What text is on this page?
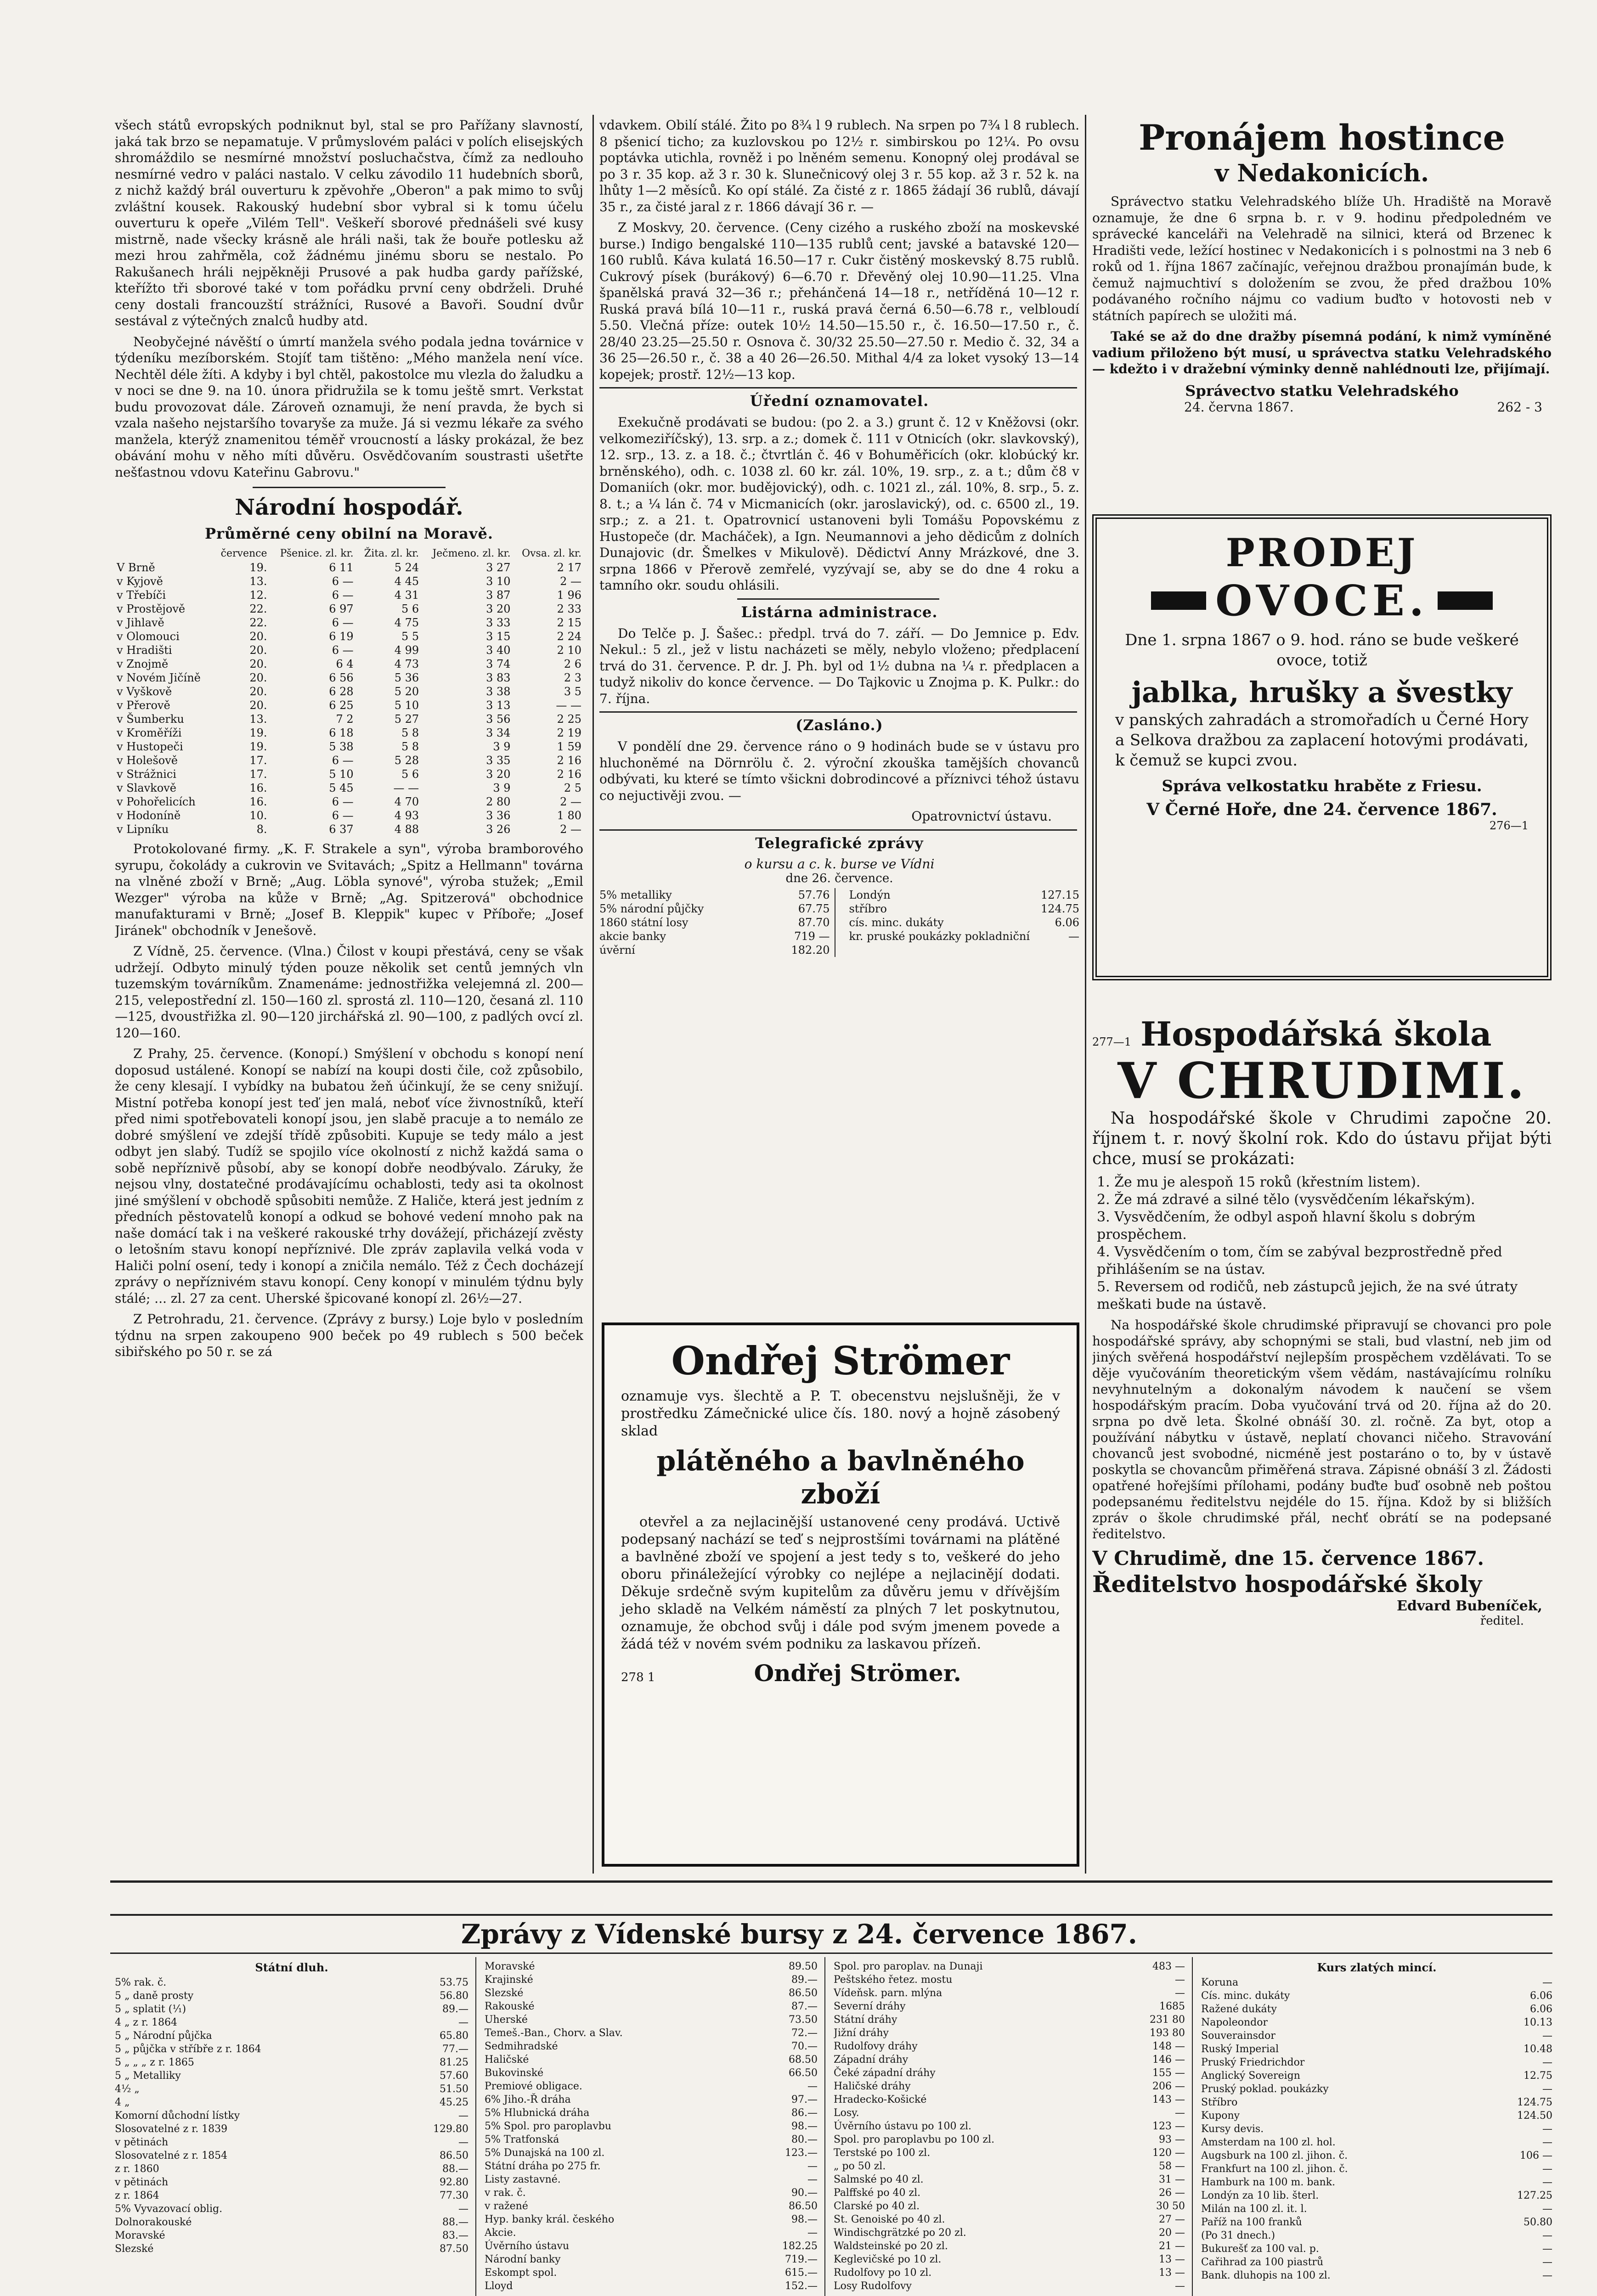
všech států evropských podniknut byl, stal se pro Pařížany slavností, jaká tak brzo se nepamatuje. V průmyslovém paláci v polích elisejských shromáždilo se nesmírné množství posluchačstva, čímž za nedlouho nesmírné vedro v paláci nastalo. V celku závodilo 11 hudebních sborů, z nichž každý brál ouverturu k zpěvohře „Oberon" a pak mimo to svůj zvláštní kousek. Rakouský hudební sbor vybral si k tomu účelu ouverturu k opeře „Vilém Tell". Veškeří sborové přednášeli své kusy mistrně, nade všecky krásně ale hráli naši, tak že bouře potlesku až mezi hrou zahřměla, což žádnému jinému sboru se nestalo. Po Rakušanech hráli nejpěkněji Prusové a pak hudba gardy pařížské, kteřížto tři sborové také v tom pořádku první ceny obdrželi. Druhé ceny dostali francouzští strážníci, Rusové a Bavoři. Soudní dvůr sestával z výtečných znalců hudby atd.

Neobyčejné návěští o úmrtí manžela svého podala jedna továrnice v týdeníku mezíborském. Stojíť tam tištěno: „Mého manžela není více. Nechtěl déle žíti. A kdyby i byl chtěl, pakostolce mu vlezla do žaludku a v noci se dne 9. na 10. února přidružila se k tomu ještě smrt. Verkstat budu provozovat dále. Zároveň oznamuji, že není pravda, že bych si vzala našeho nejstaršího tovaryše za muže. Já si vezmu lékaře za svého manžela, kterýž znamenitou téměř vroucností a lásky prokázal, že bez obávání mohu v něho míti důvěru. Osvědčovaním soustrasti ušetřte nešťastnou vdovu Kateřinu Gabrovu."

Národní hospodář.
Průměrné ceny obilní na Moravě.
	července	Pšenice. zl. kr.	Žita. zl. kr.	Ječmeno. zl. kr.	Ovsa. zl. kr.
V Brně	19.	6 11	5 24	3 27	2 17
v Kyjově	13.	6 —	4 45	3 10	2 —
v Třebíči	12.	6 —	4 31	3 87	1 96
v Prostějově	22.	6 97	5 6	3 20	2 33
v Jihlavě	22.	6 —	4 75	3 33	2 15
v Olomouci	20.	6 19	5 5	3 15	2 24
v Hradišti	20.	6 —	4 99	3 40	2 10
v Znojmě	20.	6 4	4 73	3 74	2 6
v Novém Jičíně	20.	6 56	5 36	3 83	2 3
v Vyškově	20.	6 28	5 20	3 38	3 5
v Přerově	20.	6 25	5 10	3 13	— —
v Šumberku	13.	7 2	5 27	3 56	2 25
v Kroměříži	19.	6 18	5 8	3 34	2 19
v Hustopeči	19.	5 38	5 8	3 9	1 59
v Holešově	17.	6 —	5 28	3 35	2 16
v Strážnici	17.	5 10	5 6	3 20	2 16
v Slavkově	16.	5 45	— —	3 9	2 5
v Pohořelicích	16.	6 —	4 70	2 80	2 —
v Hodoníně	10.	6 —	4 93	3 36	1 80
v Lipníku	8.	6 37	4 88	3 26	2 —

Protokolované firmy. „K. F. Strakele a syn", výroba bramborového syrupu, čokolády a cukrovin ve Svitavách; „Spitz a Hellmann" továrna na vlněné zboží v Brně; „Aug. Löbla synové", výroba stužek; „Emil Wezger" výroba na kůže v Brně; „Ag. Spitzerová" obchodnice manufakturami v Brně; „Josef B. Kleppik" kupec v Příboře; „Josef Jiránek" obchodník v Jenešově.

Z Vídně, 25. července. (Vlna.) Čilost v koupi přestává, ceny se však udržejí. Odbyto minulý týden pouze několik set centů jemných vln tuzemským továrníkům. Znamenáme: jednostřižka velejemná zl. 200—215, velepostřední zl. 150—160 zl. sprostá zl. 110—120, česaná zl. 110—125, dvoustřižka zl. 90—120 jirchářská zl. 90—100, z padlých ovcí zl. 120—160.

Z Prahy, 25. července. (Konopí.) Smýšlení v obchodu s konopí není doposud ustálené. Konopí se nabízí na koupi dosti čile, což způsobilo, že ceny klesají. I vybídky na bubatou žeň účinkují, že se ceny snižují. Mistní potřeba konopí jest teď jen malá, neboť více živnostníků, kteří před nimi spotřebovateli konopí jsou, jen slabě pracuje a to nemálo ze dobré smýšlení ve zdejší třídě způsobiti. Kupuje se tedy málo a jest odbyt jen slabý. Tudíž se spojilo více okolností z nichž každá sama o sobě nepříznivě působí, aby se konopí dobře neodbývalo. Záruky, že nejsou vlny, dostatečné prodávajícímu ochablosti, tedy asi ta okolnost jiné smýšlení v obchodě spůsobiti nemůže. Z Haliče, která jest jedním z předních pěstovatelů konopí a odkud se bohové vedení mnoho pak na naše domácí tak i na veškeré rakouské trhy dovážejí, přicházejí zvěsty o letošním stavu konopí nepříznivé. Dle zpráv zaplavila velká voda v Haliči polní osení, tedy i konopí a zničila nemálo. Též z Čech docházejí zprávy o nepříznivém stavu konopí. Ceny konopí v minulém týdnu byly stálé; ... zl. 27 za cent. Uherské špicované konopí zl. 26½—27.

Z Petrohradu, 21. července. (Zprávy z bursy.) Loje bylo v posledním týdnu na srpen zakoupeno 900 beček po 49 rublech s 500 beček sibiřského po 50 r. se zá

vdavkem. Obilí stálé. Žito po 8¾ l 9 rublech. Na srpen po 7¾ l 8 rublech. 8 pšenicí ticho; za kuzlovskou po 12½ r. simbirskou po 12¼. Po ovsu poptávka utichla, rovněž i po lněném semenu. Konopný olej prodával se po 3 r. 35 kop. až 3 r. 30 k. Slunečnicový olej 3 r. 55 kop. až 3 r. 52 k. na lhůty 1—2 měsíců. Ko opí stálé. Za čisté z r. 1865 žádají 36 rublů, dávají 35 r., za čisté jaral z r. 1866 dávají 36 r. —

Z Moskvy, 20. července. (Ceny cizého a ruského zboží na moskevské burse.) Indigo bengalské 110—135 rublů cent; javské a batavské 120—160 rublů. Káva kulatá 16.50—17 r. Cukr čistěný moskevský 8.75 rublů. Cukrový písek (burákový) 6—6.70 r. Dřevěný olej 10.90—11.25. Vlna španělská pravá 32—36 r.; přehánčená 14—18 r., netříděná 10—12 r. Ruská pravá bílá 10—11 r., ruská pravá černá 6.50—6.78 r., velbloudí 5.50. Vlečná příze: outek 10½ 14.50—15.50 r., č. 16.50—17.50 r., č. 28/40 23.25—25.50 r. Osnova č. 30/32 25.50—27.50 r. Medio č. 32, 34 a 36 25—26.50 r., č. 38 a 40 26—26.50. Mithal 4/4 za loket vysoký 13—14 kopejek; prostř. 12½—13 kop.

Úřední oznamovatel.

Exekučně prodávati se budou: (po 2. a 3.) grunt č. 12 v Kněžovsi (okr. velkomeziříčský), 13. srp. a z.; domek č. 111 v Otnicích (okr. slavkovský), 12. srp., 13. z. a 18. č.; čtvrtlán č. 46 v Bohuměřicích (okr. klobúcký kr. brněnského), odh. c. 1038 zl. 60 kr. zál. 10%, 19. srp., z. a t.; dům č8 v Domaniích (okr. mor. budějovický), odh. c. 1021 zl., zál. 10%, 8. srp., 5. z. 8. t.; a ¼ lán č. 74 v Micmanicích (okr. jaroslavický), od. c. 6500 zl., 19. srp.; z. a 21. t. Opatrovnicí ustanoveni byli Tomášu Popovskému z Hustopeče (dr. Macháček), a Ign. Neumannovi a jeho dědicům z dolních Dunajovic (dr. Šmelkes v Mikulově). Dědictví Anny Mrázkové, dne 3. srpna 1866 v Přerově zemřelé, vyzývají se, aby se do dne 4 roku a tamního okr. soudu ohlásili.

Listárna administrace.

Do Telče p. J. Šašec.: předpl. trvá do 7. září. — Do Jemnice p. Edv. Nekul.: 5 zl., jež v listu nacházeti se měly, nebylo vloženo; předplacení trvá do 31. července. P. dr. J. Ph. byl od 1½ dubna na ¼ r. předplacen a tudyž nikoliv do konce července. — Do Tajkovic u Znojma p. K. Pulkr.: do 7. října.

(Zasláno.)

V pondělí dne 29. července ráno o 9 hodinách bude se v ústavu pro hluchoněmé na Dörnrölu č. 2. výroční zkouška tamějších chovanců odbývati, ku které se tímto všickni dobrodincové a příznivci téhož ústavu co nejuctivěji zvou. —

Opatrovnictví ústavu.

Telegrafické zprávy
o kursu a c. k. burse ve Vídni
dne 26. července.
5% metalliky	57.76
5% národní půjčky	67.75
1860 státní losy	87.70
akcie banky	719 —
úvěrní	182.20
Londýn	127.15
stříbro	124.75
cís. minc. dukáty	6.06
kr. pruské poukázky pokladniční	—
Ondřej Strömer

oznamuje vys. šlechtě a P. T. obecenstvu nejslušněji, že v prostředku Zámečnické ulice čís. 180. nový a hojně zásobený sklad

plátěného a bavlněného zboží

otevřel a za nejlacinější ustanovené ceny prodává. Uctivě podepsaný nachází se teď s nejprostšími továrnami na plátěné a bavlněné zboží ve spojení a jest tedy s to, veškeré do jeho oboru přináležející výrobky co nejlépe a nejlacinějí dodati. Děkuje srdečně svým kupitelům za důvěru jemu v dřívějším jeho skladě na Velkém náměstí za plných 7 let poskytnutou, oznamuje, že obchod svůj i dále pod svým jmenem povede a žádá též v novém svém podniku za laskavou přízeň.

278 1	Ondřej Strömer.
Pronájem hostince
v Nedakonicích.

Správectvo statku Velehradského blíže Uh. Hradiště na Moravě oznamuje, že dne 6 srpna b. r. v 9. hodinu předpoledném ve správecké kanceláři na Velehradě na silnici, která od Brzenec k Hradišti vede, ležící hostinec v Nedakonicích i s polnostmi na 3 neb 6 roků od 1. října 1867 začínajíc, veřejnou dražbou pronajímán bude, k čemuž najmuchtiví s doložením se zvou, že před dražbou 10% podávaného ročního nájmu co vadium buďto v hotovosti neb v státních papírech se uložiti má.

Také se až do dne dražby písemná podání, k nimž vymíněné vadium přiloženo být musí, u správectva statku Velehradského — kdežto i v dražební výminky denně nahlédnouti lze, přijímají.

Správectvo statku Velehradského
24. června 1867.	262 - 3
PRODEJ
OVOCE.

Dne 1. srpna 1867 o 9. hod. ráno se bude veškeré ovoce, totiž

jablka, hrušky a švestky

v panských zahradách a stromořadích u Černé Hory a Selkova dražbou za zaplacení hotovými prodávati, k čemuž se kupci zvou.

Správa velkostatku hraběte z Friesu.
V Černé Hoře, dne 24. července 1867.
276—1
277—1 Hospodářská škola
V CHRUDIMI.

Na hospodářské škole v Chrudimi započne 20. říjnem t. r. nový školní rok. Kdo do ústavu přijat býti chce, musí se prokázati:

1. Že mu je alespoň 15 roků (křestním listem).
2. Že má zdravé a silné tělo (vysvědčením lékařským).
3. Vysvědčením, že odbyl aspoň hlavní školu s dobrým prospěchem.
4. Vysvědčením o tom, čím se zabýval bezprostředně před přihlášením se na ústav.
5. Reversem od rodičů, neb zástupců jejich, že na své útraty meškati bude na ústavě.

Na hospodářské škole chrudimské připravují se chovanci pro pole hospodářské správy, aby schopnými se stali, bud vlastní, neb jim od jiných svěřená hospodářství nejlepším prospěchem vzdělávati. To se děje vyučováním theoretickým všem vědám, nastávajícímu rolníku nevyhnutelným a dokonalým návodem k naučení se všem hospodářským pracím. Doba vyučování trvá od 20. října až do 20. srpna po dvě leta. Školné obnáší 30. zl. ročně. Za byt, otop a používání nábytku v ústavě, neplatí chovanci ničeho. Stravování chovanců jest svobodné, nicméně jest postaráno o to, by v ústavě poskytla se chovancům přiměřená strava. Zápisné obnáší 3 zl. Žádosti opatřené hořejšími přílohami, podány buďte buď osobně neb poštou podepsanému ředitelstvu nejdéle do 15. října. Kdož by si bližších zpráv o škole chrudimské přál, nechť obrátí se na podepsané ředitelstvo.

V Chrudimě, dne 15. července 1867.
Ředitelstvo hospodářské školy
Edvard Bubeníček,
ředitel.
Zprávy z Vídenské bursy z 24. července 1867.
Státní dluh.
5% rak. č.	53.75
5 „ daně prosty	56.80
5 „ splatit (⅟₁)	89.—
4 „ z r. 1864	—
5 „ Národní půjčka	65.80
5 „ půjčka v stříbře z r. 1864	77.—
5 „ „ „ z r. 1865	81.25
5 „ Metalliky	57.60
4½ „	51.50
4 „	45.25
Komorní důchodní lístky	—
Slosovatelné z r. 1839	129.80
v pětinách	—
Slosovatelné z r. 1854	86.50
z r. 1860	88.—
v pětinách	92.80
z r. 1864	77.30
5% Vyvazovací oblig.	—
Dolnorakouské	88.—
Moravské	83.—
Slezské	87.50
Moravské	89.50
Krajinské	89.—
Slezské	86.50
Rakouské	87.—
Uherské	73.50
Temeš.-Ban., Chorv. a Slav.	72.—
Sedmihradské	70.—
Haličské	68.50
Bukovinské	66.50
Premiové obligace.	—
6% Jiho.-Ř dráha	97.—
5% Hlubnická dráha	86.—
5% Spol. pro paroplavbu	98.—
5% Tratfonská	80.—
5% Dunajská na 100 zl.	123.—
Státní dráha po 275 fr.	—
Listy zastavné.	—
v rak. č.	90.—
v ražené	86.50
Hyp. banky král. českého	98.—
Akcie.	—
Úvěrního ústavu	182.25
Národní banky	719.—
Eskompt spol.	615.—
Lloyd	152.—
Spol. pro paroplav. na Dunaji	483 —
Peštského řetez. mostu	—
Vídeňsk. parn. mlýna	—
Severní dráhy	1685
Státní dráhy	231 80
Jižní dráhy	193 80
Rudolfovy dráhy	148 —
Západní dráhy	146 —
Čeké západní dráhy	155 —
Haličské dráhy	206 —
Hradecko-Košické	143 —
Losy.	—
Úvěrního ústavu po 100 zl.	123 —
Spol. pro paroplavbu po 100 zl.	93 —
Terstské po 100 zl.	120 —
„ po 50 zl.	58 —
Salmské po 40 zl.	31 —
Palffské po 40 zl.	26 —
Clarské po 40 zl.	30 50
St. Genoiské po 40 zl.	27 —
Windischgrätzké po 20 zl.	20 —
Waldsteinské po 20 zl.	21 —
Keglevičské po 10 zl.	13 —
Rudolfovy po 10 zl.	13 —
Losy Rudolfovy	—
Kurs zlatých mincí.
Koruna	—
Cís. minc. dukáty	6.06
Ražené dukáty	6.06
Napoleondor	10.13
Souverainsdor	—
Ruský Imperial	10.48
Pruský Friedrichdor	—
Anglický Sovereign	12.75
Pruský poklad. poukázky	—
Stříbro	124.75
Kupony	124.50
Kursy devis.	—
Amsterdam na 100 zl. hol.	—
Augsburk na 100 zl. jihon. č.	106 —
Frankfurt na 100 zl. jihon. č.	—
Hamburk na 100 m. bank.	—
Londýn za 10 lib. šterl.	127.25
Milán na 100 zl. it. l.	—
Paříž na 100 franků	50.80
(Po 31 dnech.)	—
Bukurešť za 100 val. p.	—
Cařihrad za 100 piastrů	—
Bank. dluhopis na 100 zl.	—
